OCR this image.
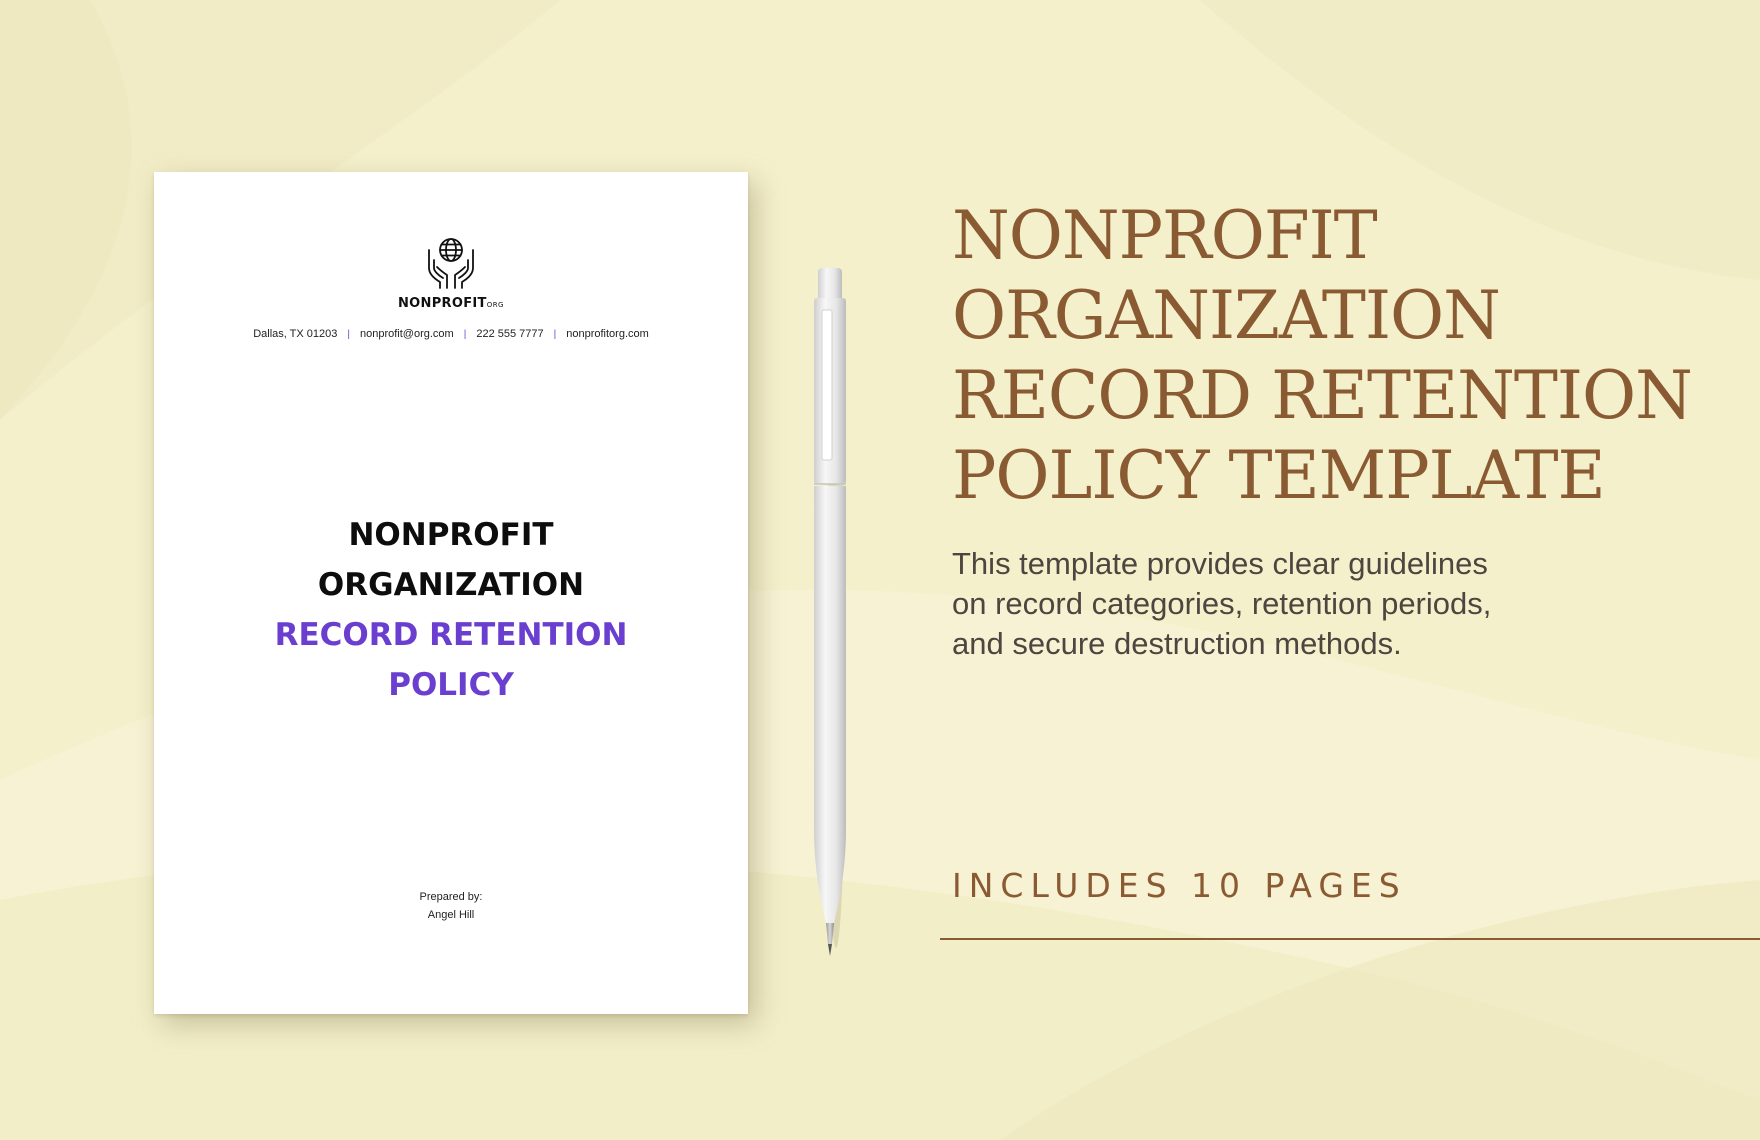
NONPROFITORG
Dallas, TX 01203 | nonprofit@org.com | 222 555 7777 | nonprofitorg.com
NONPROFIT
ORGANIZATION
RECORD RETENTION
POLICY
Prepared by:
Angel Hill
NONPROFIT
ORGANIZATION
RECORD RETENTION
POLICY TEMPLATE
This template provides clear guidelines
on record categories, retention periods,
and secure destruction methods.
INCLUDES 10 PAGES
